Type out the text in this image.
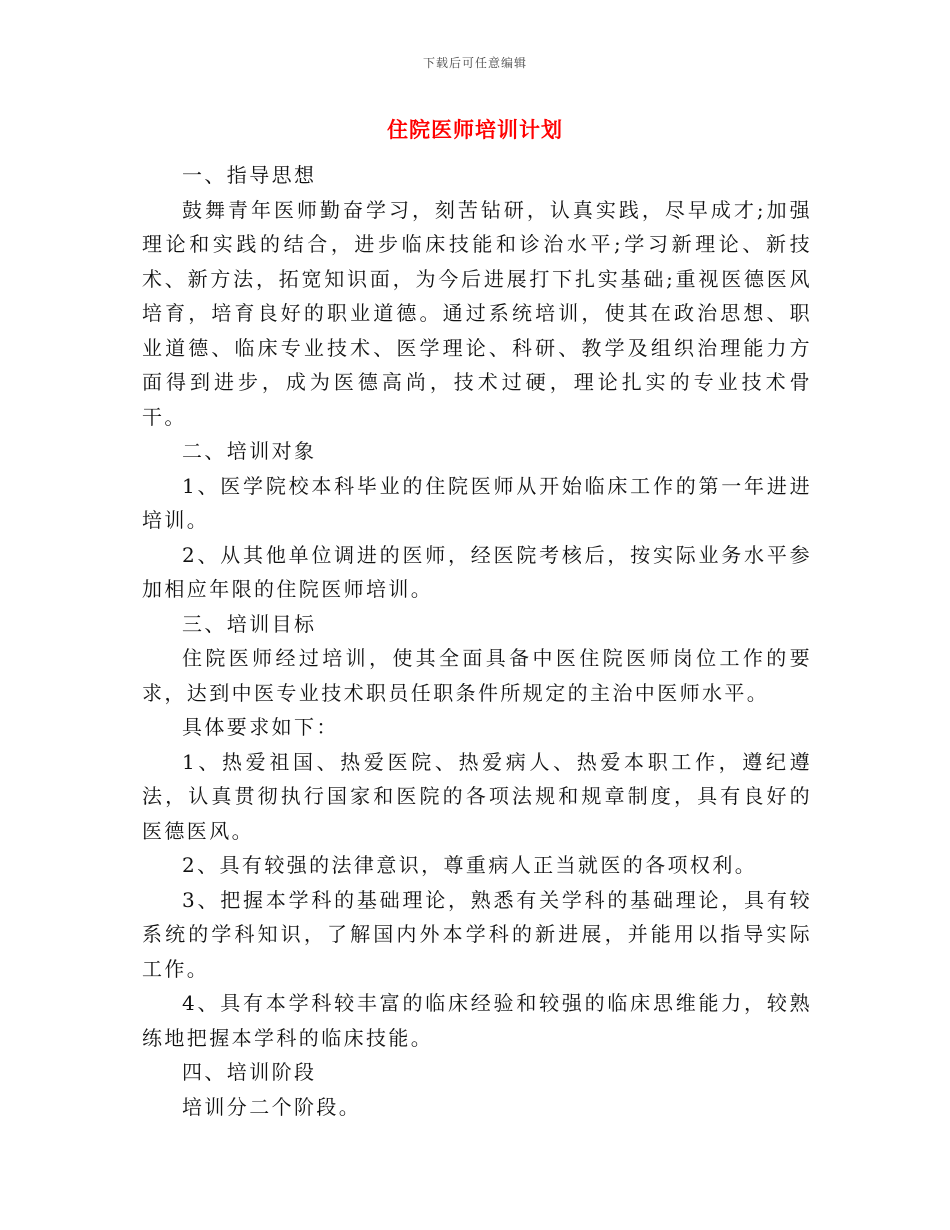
下载后可任意编辑
住院医师培训计划

一、指导思想

鼓舞青年医师勤奋学习，刻苦钻研，认真实践，尽早成才;加强理论和实践的结合，进步临床技能和诊治水平;学习新理论、新技术、新方法，拓宽知识面，为今后进展打下扎实基础;重视医德医风培育，培育良好的职业道德。通过系统培训，使其在政治思想、职业道德、临床专业技术、医学理论、科研、教学及组织治理能力方面得到进步，成为医德高尚，技术过硬，理论扎实的专业技术骨干。

二、培训对象

1、医学院校本科毕业的住院医师从开始临床工作的第一年进进培训。

2、从其他单位调进的医师，经医院考核后，按实际业务水平参加相应年限的住院医师培训。

三、培训目标

住院医师经过培训，使其全面具备中医住院医师岗位工作的要求，达到中医专业技术职员任职条件所规定的主治中医师水平。

具体要求如下：

1、热爱祖国、热爱医院、热爱病人、热爱本职工作，遵纪遵法，认真贯彻执行国家和医院的各项法规和规章制度，具有良好的医德医风。

2、具有较强的法律意识，尊重病人正当就医的各项权利。

3、把握本学科的基础理论，熟悉有关学科的基础理论，具有较系统的学科知识，了解国内外本学科的新进展，并能用以指导实际工作。

4、具有本学科较丰富的临床经验和较强的临床思维能力，较熟练地把握本学科的临床技能。

四、培训阶段

培训分二个阶段。
